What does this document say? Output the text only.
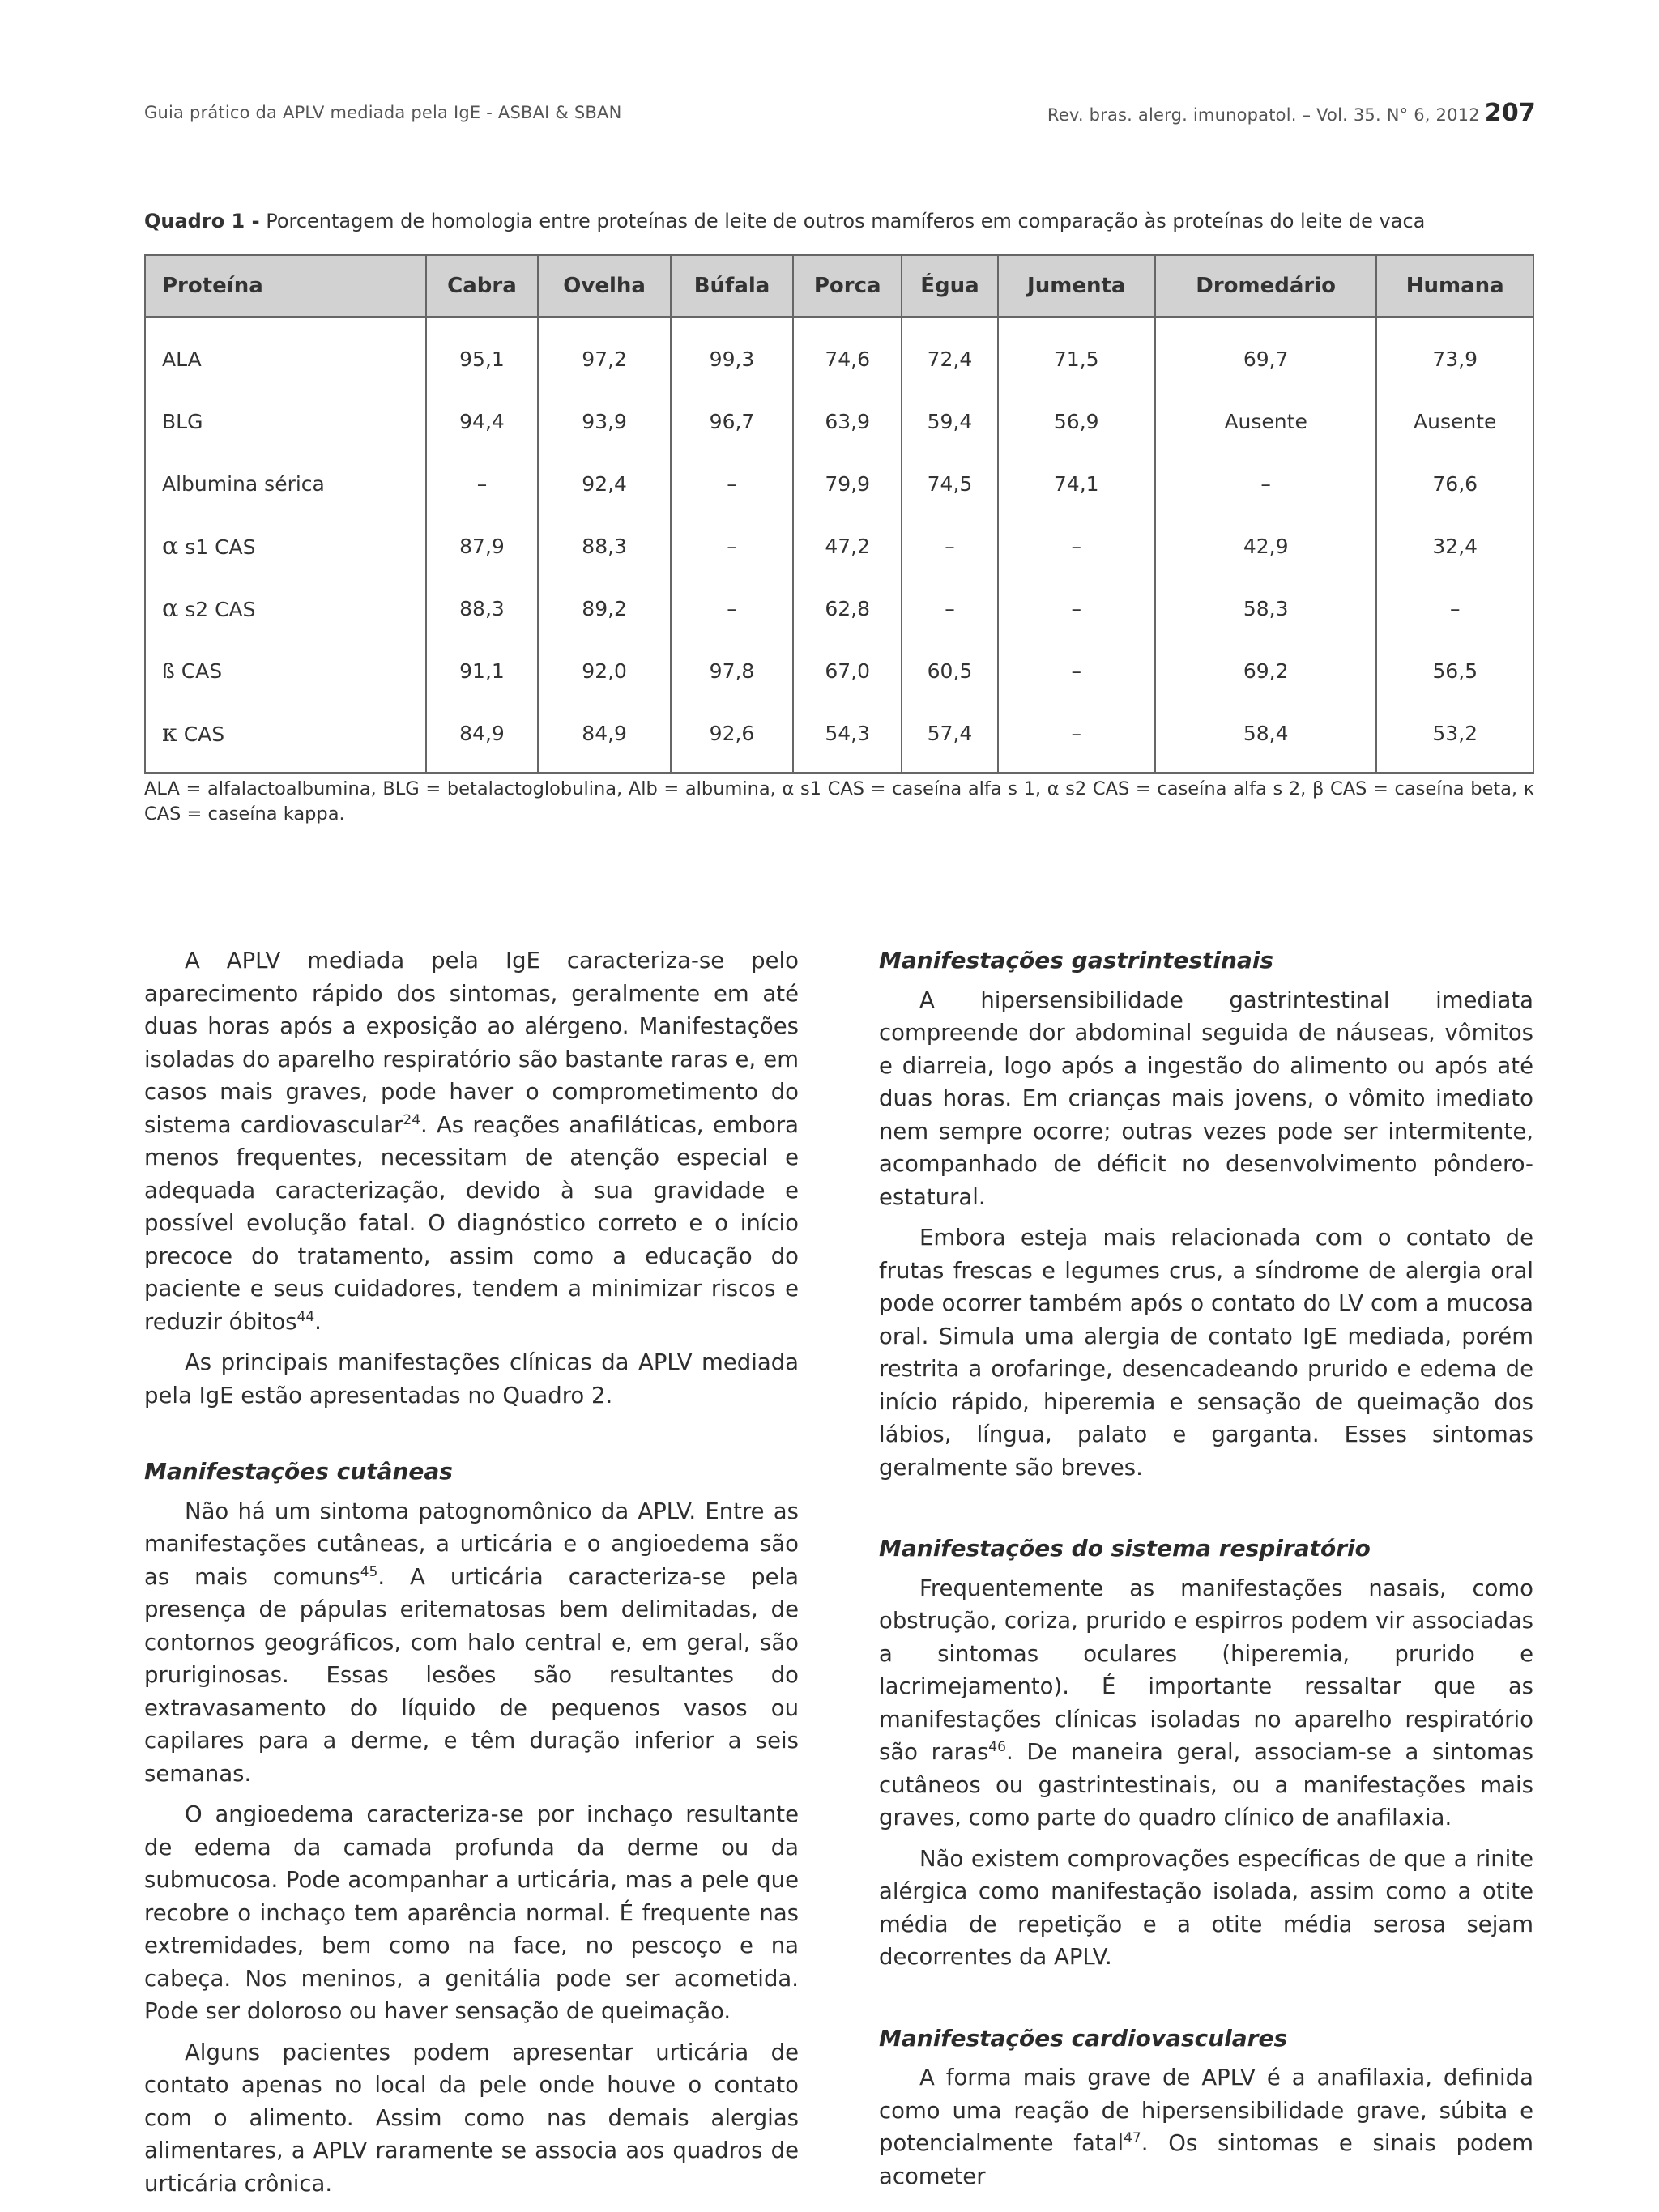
Guia prático da APLV mediada pela IgE - ASBAI & SBAN	Rev. bras. alerg. imunopatol. – Vol. 35. N° 6, 2012 207
Quadro 1 - Porcentagem de homologia entre proteínas de leite de outros mamíferos em comparação às proteínas do leite de vaca
Proteína	Cabra	Ovelha	Búfala	Porca	Égua	Jumenta	Dromedário	Humana
ALA	95,1	97,2	99,3	74,6	72,4	71,5	69,7	73,9
BLG	94,4	93,9	96,7	63,9	59,4	56,9	Ausente	Ausente
Albumina sérica	–	92,4	–	79,9	74,5	74,1	–	76,6
α s1 CAS	87,9	88,3	–	47,2	–	–	42,9	32,4
α s2 CAS	88,3	89,2	–	62,8	–	–	58,3	–
ß CAS	91,1	92,0	97,8	67,0	60,5	–	69,2	56,5
κ CAS	84,9	84,9	92,6	54,3	57,4	–	58,4	53,2
ALA = alfalactoalbumina, BLG = betalactoglobulina, Alb = albumina, α s1 CAS = caseína alfa s 1, α s2 CAS = caseína alfa s 2, β CAS = caseína beta, κ CAS = caseína kappa.

A APLV mediada pela IgE caracteriza-se pelo aparecimento rápido dos sintomas, geralmente em até duas horas após a exposição ao alérgeno. Manifestações isoladas do aparelho respiratório são bastante raras e, em casos mais graves, pode haver o comprometimento do sistema cardiovascular$^{24}$. As reações anafiláticas, embora menos frequentes, necessitam de atenção especial e adequada caracterização, devido à sua gravidade e possível evolução fatal. O diagnóstico correto e o início precoce do tratamento, assim como a educação do paciente e seus cuidadores, tendem a minimizar riscos e reduzir óbitos$^{44}$.

As principais manifestações clínicas da APLV mediada pela IgE estão apresentadas no Quadro 2.

Manifestações cutâneas

Não há um sintoma patognomônico da APLV. Entre as manifestações cutâneas, a urticária e o angioedema são as mais comuns$^{45}$. A urticária caracteriza-se pela presença de pápulas eritematosas bem delimitadas, de contornos geográficos, com halo central e, em geral, são pruriginosas. Essas lesões são resultantes do extravasamento do líquido de pequenos vasos ou capilares para a derme, e têm duração inferior a seis semanas.

O angioedema caracteriza-se por inchaço resultante de edema da camada profunda da derme ou da submucosa. Pode acompanhar a urticária, mas a pele que recobre o inchaço tem aparência normal. É frequente nas extremidades, bem como na face, no pescoço e na cabeça. Nos meninos, a genitália pode ser acometida. Pode ser doloroso ou haver sensação de queimação.

Alguns pacientes podem apresentar urticária de contato apenas no local da pele onde houve o contato com o alimento. Assim como nas demais alergias alimentares, a APLV raramente se associa aos quadros de urticária crônica.

Manifestações gastrintestinais

A hipersensibilidade gastrintestinal imediata compreende dor abdominal seguida de náuseas, vômitos e diarreia, logo após a ingestão do alimento ou após até duas horas. Em crianças mais jovens, o vômito imediato nem sempre ocorre; outras vezes pode ser intermitente, acompanhado de déficit no desenvolvimento pôndero-estatural.

Embora esteja mais relacionada com o contato de frutas frescas e legumes crus, a síndrome de alergia oral pode ocorrer também após o contato do LV com a mucosa oral. Simula uma alergia de contato IgE mediada, porém restrita a orofaringe, desencadeando prurido e edema de início rápido, hiperemia e sensação de queimação dos lábios, língua, palato e garganta. Esses sintomas geralmente são breves.

Manifestações do sistema respiratório

Frequentemente as manifestações nasais, como obstrução, coriza, prurido e espirros podem vir associadas a sintomas oculares (hiperemia, prurido e lacrimejamento). É importante ressaltar que as manifestações clínicas isoladas no aparelho respiratório são raras$^{46}$. De maneira geral, associam-se a sintomas cutâneos ou gastrintestinais, ou a manifestações mais graves, como parte do quadro clínico de anafilaxia.

Não existem comprovações específicas de que a rinite alérgica como manifestação isolada, assim como a otite média de repetição e a otite média serosa sejam decorrentes da APLV.

Manifestações cardiovasculares

A forma mais grave de APLV é a anafilaxia, definida como uma reação de hipersensibilidade grave, súbita e potencialmente fatal$^{47}$. Os sintomas e sinais podem acometer
